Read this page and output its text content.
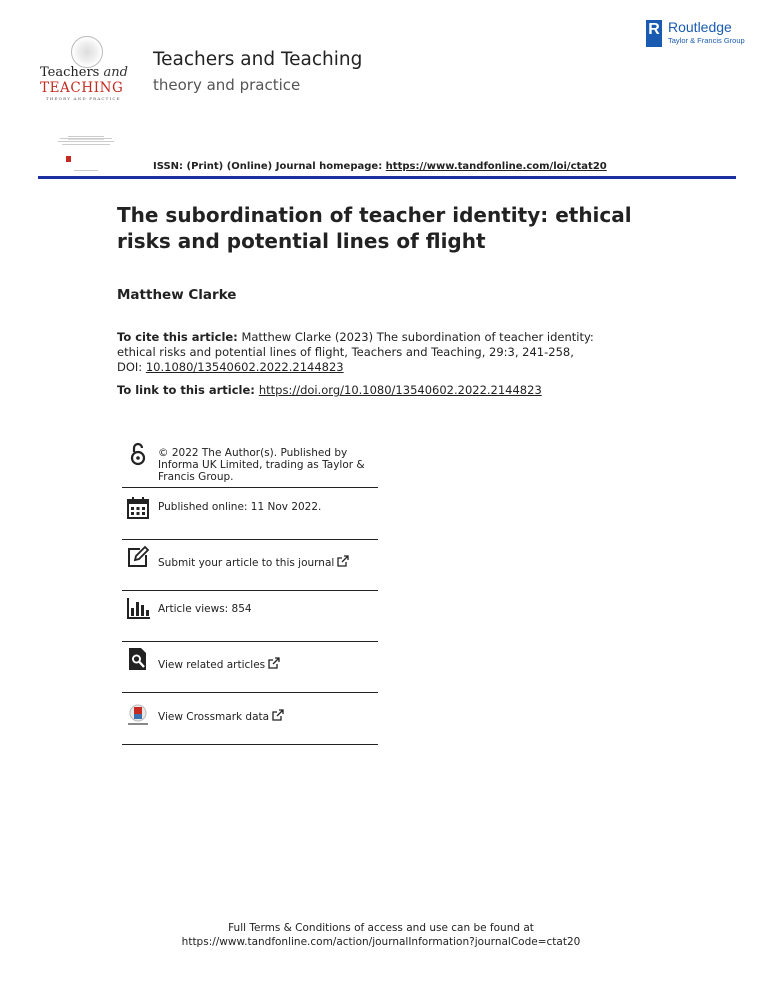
Teachers and
TEACHING
THEORY AND PRACTICE
Teachers and Teaching
theory and practice
R Routledge
Taylor & Francis Group
ISSN: (Print) (Online) Journal homepage: https://www.tandfonline.com/loi/ctat20
The subordination of teacher identity: ethical risks and potential lines of flight
Matthew Clarke
To cite this article: Matthew Clarke (2023) The subordination of teacher identity: ethical risks and potential lines of flight, Teachers and Teaching, 29:3, 241-258, DOI: 10.1080/13540602.2022.2144823
To link to this article: https://doi.org/10.1080/13540602.2022.2144823
© 2022 The Author(s). Published by Informa UK Limited, trading as Taylor & Francis Group.
Published online: 11 Nov 2022.
Submit your article to this journal
Article views: 854
View related articles
View Crossmark data
Full Terms & Conditions of access and use can be found at
https://www.tandfonline.com/action/journalInformation?journalCode=ctat20
